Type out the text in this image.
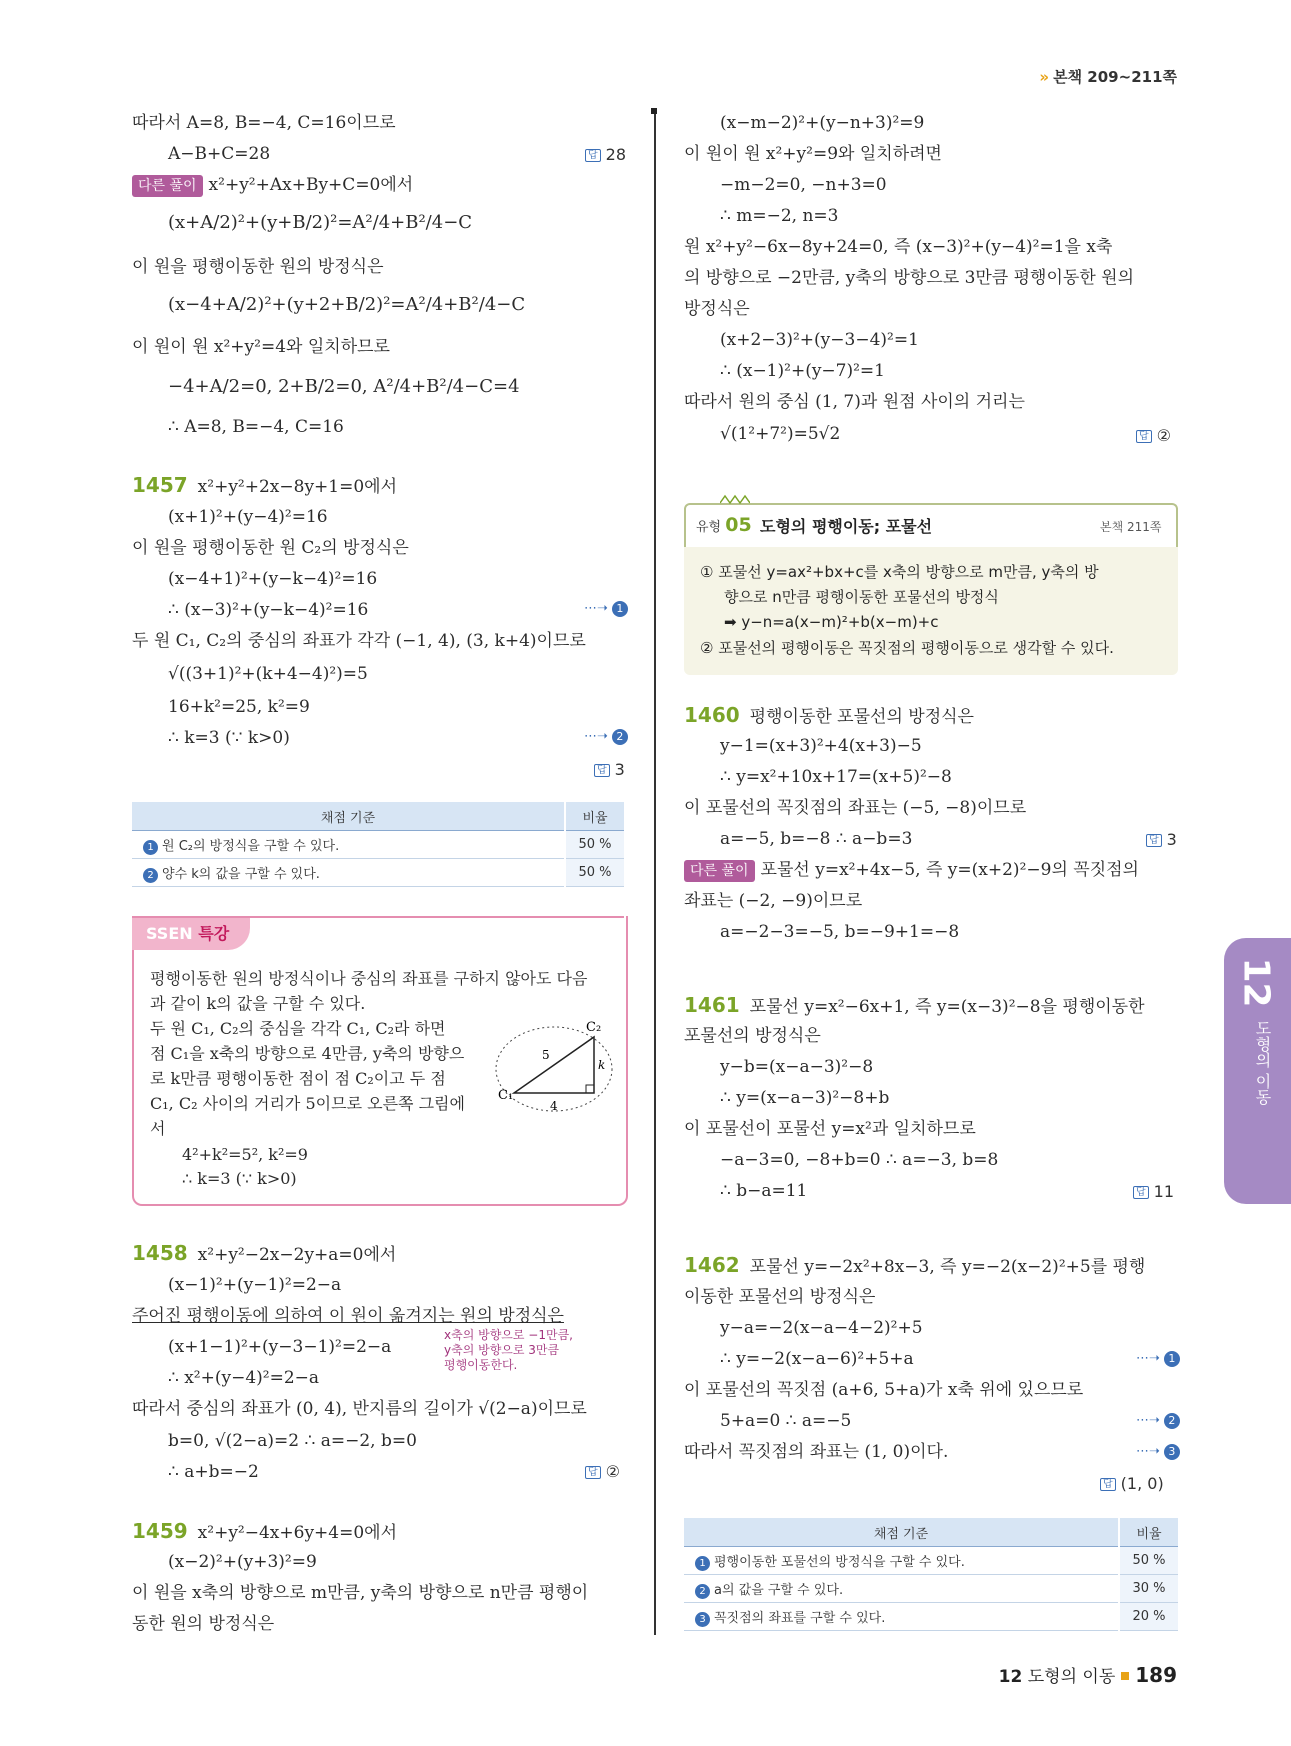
» 본책 209~211쪽
따라서 A=8, B=−4, C=16이므로
A−B+C=28	답 28
다른 풀이 x²+y²+Ax+By+C=0에서
(x+A/2)²+(y+B/2)²=A²/4+B²/4−C
이 원을 평행이동한 원의 방정식은
(x−4+A/2)²+(y+2+B/2)²=A²/4+B²/4−C
이 원이 원 x²+y²=4와 일치하므로
−4+A/2=0, 2+B/2=0, A²/4+B²/4−C=4
∴ A=8, B=−4, C=16
1457 x²+y²+2x−8y+1=0에서
(x+1)²+(y−4)²=16
이 원을 평행이동한 원 C₂의 방정식은
(x−4+1)²+(y−k−4)²=16
∴ (x−3)²+(y−k−4)²=16	⋯➝ 1
두 원 C₁, C₂의 중심의 좌표가 각각 (−1, 4), (3, k+4)이므로
√((3+1)²+(k+4−4)²)=5
16+k²=25, k²=9
∴ k=3 (∵ k>0)	⋯➝ 2
답 3
채점 기준	비율
1 원 C₂의 방정식을 구할 수 있다.	50 %
2 양수 k의 값을 구할 수 있다.	50 %
SSEN 특강
평행이동한 원의 방정식이나 중심의 좌표를 구하지 않아도 다음
과 같이 k의 값을 구할 수 있다.
두 원 C₁, C₂의 중심을 각각 C₁, C₂라 하면
점 C₁을 x축의 방향으로 4만큼, y축의 방향으
로 k만큼 평행이동한 점이 점 C₂이고 두 점
C₁, C₂ 사이의 거리가 5이므로 오른쪽 그림에
서
4²+k²=5², k²=9
∴ k=3 (∵ k>0)
C₁
C₂
5
4
k
1458 x²+y²−2x−2y+a=0에서
(x−1)²+(y−1)²=2−a
주어진 평행이동에 의하여 이 원이 옮겨지는 원의 방정식은
(x+1−1)²+(y−3−1)²=2−a
∴ x²+(y−4)²=2−a
x축의 방향으로 −1만큼,
y축의 방향으로 3만큼
평행이동한다.
따라서 중심의 좌표가 (0, 4), 반지름의 길이가 √(2−a)이므로
b=0, √(2−a)=2 ∴ a=−2, b=0
∴ a+b=−2	답 ②
1459 x²+y²−4x+6y+4=0에서
(x−2)²+(y+3)²=9
이 원을 x축의 방향으로 m만큼, y축의 방향으로 n만큼 평행이
동한 원의 방정식은
(x−m−2)²+(y−n+3)²=9
이 원이 원 x²+y²=9와 일치하려면
−m−2=0, −n+3=0
∴ m=−2, n=3
원 x²+y²−6x−8y+24=0, 즉 (x−3)²+(y−4)²=1을 x축
의 방향으로 −2만큼, y축의 방향으로 3만큼 평행이동한 원의
방정식은
(x+2−3)²+(y−3−4)²=1
∴ (x−1)²+(y−7)²=1
따라서 원의 중심 (1, 7)과 원점 사이의 거리는
√(1²+7²)=5√2	답 ②
유형 05 도형의 평행이동; 포물선	본책 211쪽
① 포물선 y=ax²+bx+c를 x축의 방향으로 m만큼, y축의 방
향으로 n만큼 평행이동한 포물선의 방정식
➡ y−n=a(x−m)²+b(x−m)+c
② 포물선의 평행이동은 꼭짓점의 평행이동으로 생각할 수 있다.
1460 평행이동한 포물선의 방정식은
y−1=(x+3)²+4(x+3)−5
∴ y=x²+10x+17=(x+5)²−8
이 포물선의 꼭짓점의 좌표는 (−5, −8)이므로
a=−5, b=−8 ∴ a−b=3	답 3
다른 풀이 포물선 y=x²+4x−5, 즉 y=(x+2)²−9의 꼭짓점의
좌표는 (−2, −9)이므로
a=−2−3=−5, b=−9+1=−8
1461 포물선 y=x²−6x+1, 즉 y=(x−3)²−8을 평행이동한
포물선의 방정식은
y−b=(x−a−3)²−8
∴ y=(x−a−3)²−8+b
이 포물선이 포물선 y=x²과 일치하므로
−a−3=0, −8+b=0 ∴ a=−3, b=8
∴ b−a=11	답 11
1462 포물선 y=−2x²+8x−3, 즉 y=−2(x−2)²+5를 평행
이동한 포물선의 방정식은
y−a=−2(x−a−4−2)²+5
∴ y=−2(x−a−6)²+5+a	⋯➝ 1
이 포물선의 꼭짓점 (a+6, 5+a)가 x축 위에 있으므로
5+a=0 ∴ a=−5	⋯➝ 2
따라서 꼭짓점의 좌표는 (1, 0)이다.	⋯➝ 3
답 (1, 0)
채점 기준	비율
1 평행이동한 포물선의 방정식을 구할 수 있다.	50 %
2 a의 값을 구할 수 있다.	30 %
3 꼭짓점의 좌표를 구할 수 있다.	20 %
12
도형의 이동
12 도형의 이동 189
